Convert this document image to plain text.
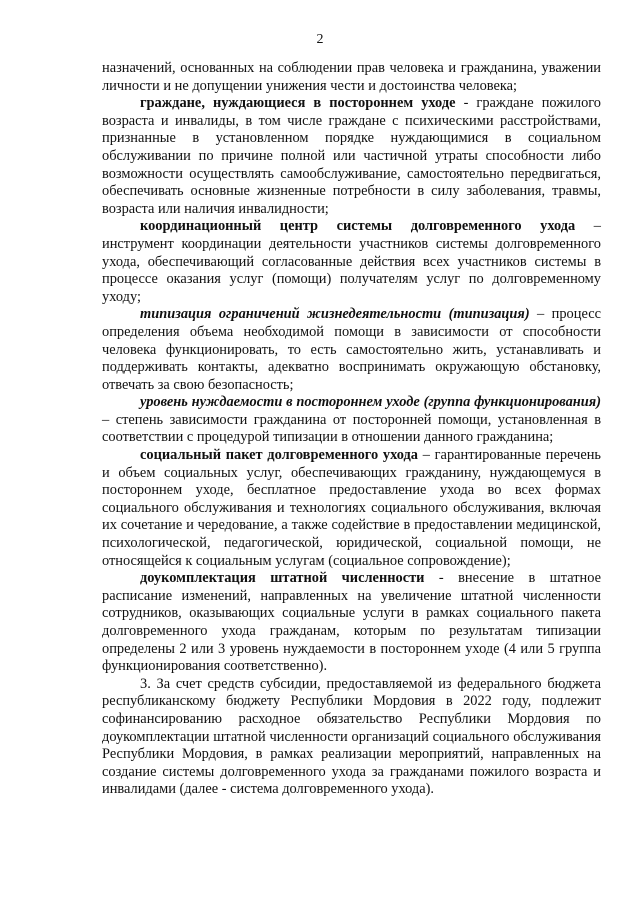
2

назначений, основанных на соблюдении прав человека и гражданина, уважении личности и не допущении унижения чести и достоинства человека;

граждане, нуждающиеся в постороннем уходе - граждане пожилого возраста и инвалиды, в том числе граждане с психическими расстройствами, признанные в установленном порядке нуждающимися в социальном обслуживании по причине полной или частичной утраты способности либо возможности осуществлять самообслуживание, самостоятельно передвигаться, обеспечивать основные жизненные потребности в силу заболевания, травмы, возраста или наличия инвалидности;

координационный центр системы долговременного ухода – инструмент координации деятельности участников системы долговременного ухода, обеспечивающий согласованные действия всех участников системы в процессе оказания услуг (помощи) получателям услуг по долговременному уходу;

типизация ограничений жизнедеятельности (типизация) – процесс определения объема необходимой помощи в зависимости от способности человека функционировать, то есть самостоятельно жить, устанавливать и поддерживать контакты, адекватно воспринимать окружающую обстановку, отвечать за свою безопасность;

уровень нуждаемости в постороннем уходе (группа функционирования) – степень зависимости гражданина от посторонней помощи, установленная в соответствии с процедурой типизации в отношении данного гражданина;

социальный пакет долговременного ухода – гарантированные перечень и объем социальных услуг, обеспечивающих гражданину, нуждающемуся в постороннем уходе, бесплатное предоставление ухода во всех формах социального обслуживания и технологиях социального обслуживания, включая их сочетание и чередование, а также содействие в предоставлении медицинской, психологической, педагогической, юридической, социальной помощи, не относящейся к социальным услугам (социальное сопровождение);

доукомплектация штатной численности - внесение в штатное расписание изменений, направленных на увеличение штатной численности сотрудников, оказывающих социальные услуги в рамках социального пакета долговременного ухода гражданам, которым по результатам типизации определены 2 или 3 уровень нуждаемости в постороннем уходе (4 или 5 группа функционирования соответственно).

3. За счет средств субсидии, предоставляемой из федерального бюджета республиканскому бюджету Республики Мордовия в 2022 году, подлежит софинансированию расходное обязательство Республики Мордовия по доукомплектации штатной численности организаций социального обслуживания Республики Мордовия, в рамках реализации мероприятий, направленных на создание системы долговременного ухода за гражданами пожилого возраста и инвалидами (далее - система долговременного ухода).
